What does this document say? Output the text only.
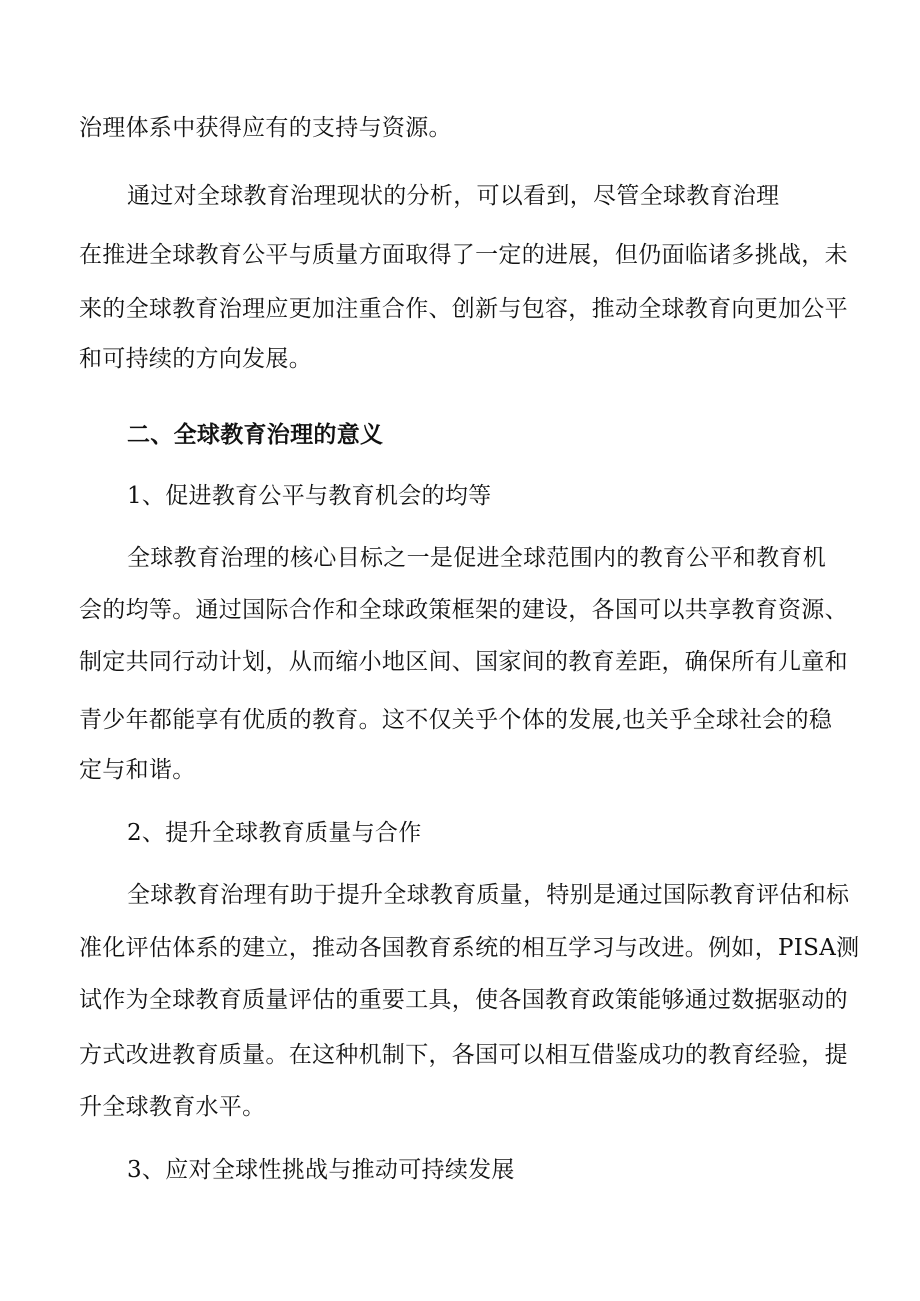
治理体系中获得应有的支持与资源。
通过对全球教育治理现状的分析，可以看到，尽管全球教育治理
在推进全球教育公平与质量方面取得了一定的进展，但仍面临诸多挑战，未
来的全球教育治理应更加注重合作、创新与包容，推动全球教育向更加公平
和可持续的方向发展。
二、全球教育治理的意义
1、促进教育公平与教育机会的均等
全球教育治理的核心目标之一是促进全球范围内的教育公平和教育机
会的均等。通过国际合作和全球政策框架的建设，各国可以共享教育资源、
制定共同行动计划，从而缩小地区间、国家间的教育差距，确保所有儿童和
青少年都能享有优质的教育。这不仅关乎个体的发展,也关乎全球社会的稳
定与和谐。
2、提升全球教育质量与合作
全球教育治理有助于提升全球教育质量，特别是通过国际教育评估和标
准化评估体系的建立，推动各国教育系统的相互学习与改进。例如，PISA测
试作为全球教育质量评估的重要工具，使各国教育政策能够通过数据驱动的
方式改进教育质量。在这种机制下，各国可以相互借鉴成功的教育经验，提
升全球教育水平。
3、应对全球性挑战与推动可持续发展
